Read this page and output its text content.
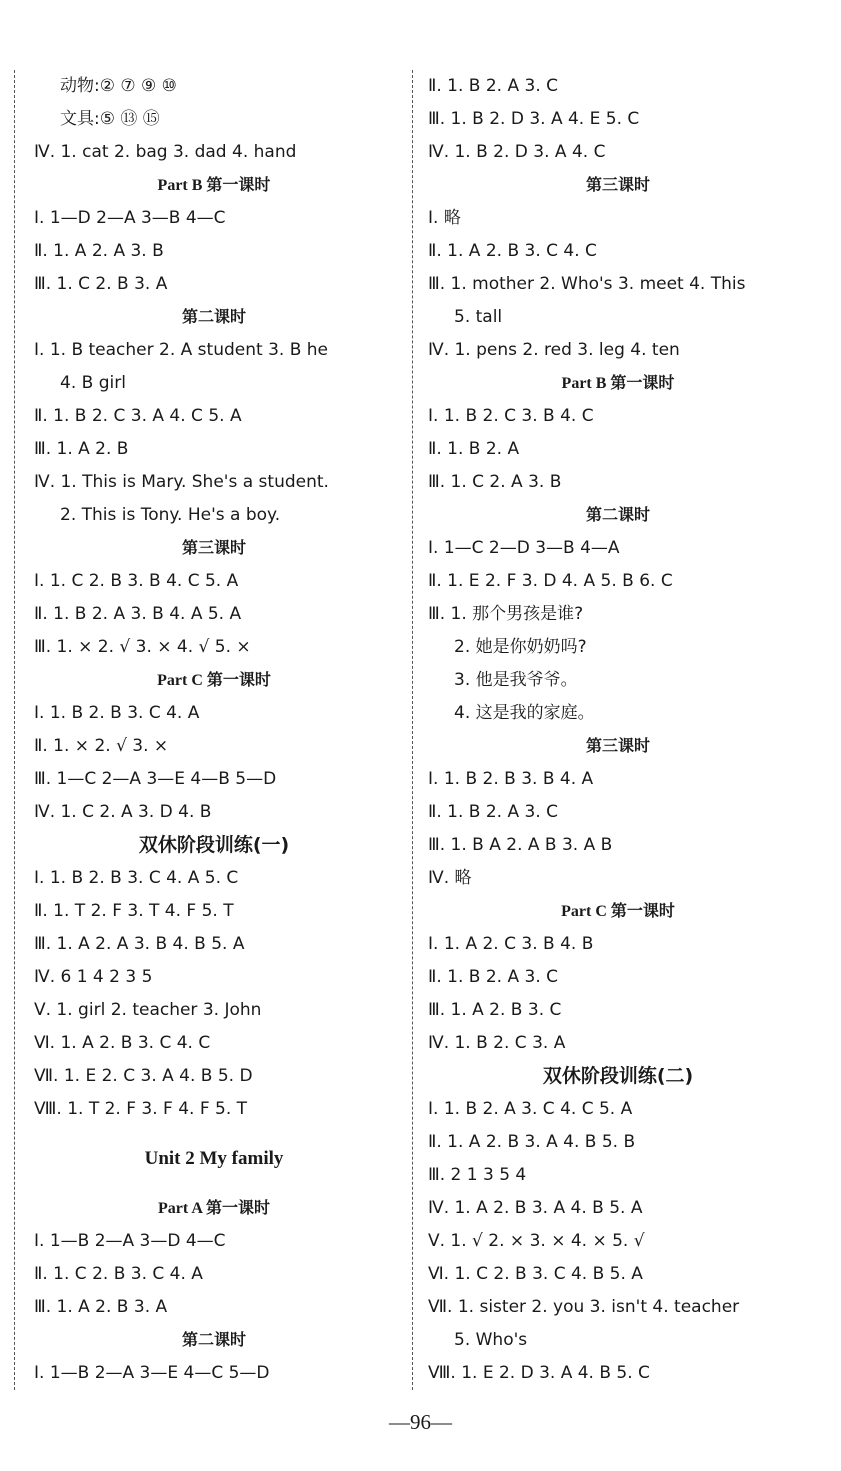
动物:② ⑦ ⑨ ⑩
文具:⑤ ⑬ ⑮
Ⅳ. 1. cat 2. bag 3. dad 4. hand
Part B 第一课时
Ⅰ. 1—D 2—A 3—B 4—C
Ⅱ. 1. A 2. A 3. B
Ⅲ. 1. C 2. B 3. A
第二课时
Ⅰ. 1. B teacher 2. A student 3. B he
4. B girl
Ⅱ. 1. B 2. C 3. A 4. C 5. A
Ⅲ. 1. A 2. B
Ⅳ. 1. This is Mary. She's a student.
2. This is Tony. He's a boy.
第三课时
Ⅰ. 1. C 2. B 3. B 4. C 5. A
Ⅱ. 1. B 2. A 3. B 4. A 5. A
Ⅲ. 1. × 2. √ 3. × 4. √ 5. ×
Part C 第一课时
Ⅰ. 1. B 2. B 3. C 4. A
Ⅱ. 1. × 2. √ 3. ×
Ⅲ. 1—C 2—A 3—E 4—B 5—D
Ⅳ. 1. C 2. A 3. D 4. B
双休阶段训练(一)
Ⅰ. 1. B 2. B 3. C 4. A 5. C
Ⅱ. 1. T 2. F 3. T 4. F 5. T
Ⅲ. 1. A 2. A 3. B 4. B 5. A
Ⅳ. 6 1 4 2 3 5
Ⅴ. 1. girl 2. teacher 3. John
Ⅵ. 1. A 2. B 3. C 4. C
Ⅶ. 1. E 2. C 3. A 4. B 5. D
Ⅷ. 1. T 2. F 3. F 4. F 5. T
Unit 2 My family
Part A 第一课时
Ⅰ. 1—B 2—A 3—D 4—C
Ⅱ. 1. C 2. B 3. C 4. A
Ⅲ. 1. A 2. B 3. A
第二课时
Ⅰ. 1—B 2—A 3—E 4—C 5—D
Ⅱ. 1. B 2. A 3. C
Ⅲ. 1. B 2. D 3. A 4. E 5. C
Ⅳ. 1. B 2. D 3. A 4. C
第三课时
Ⅰ. 略
Ⅱ. 1. A 2. B 3. C 4. C
Ⅲ. 1. mother 2. Who's 3. meet 4. This
5. tall
Ⅳ. 1. pens 2. red 3. leg 4. ten
Part B 第一课时
Ⅰ. 1. B 2. C 3. B 4. C
Ⅱ. 1. B 2. A
Ⅲ. 1. C 2. A 3. B
第二课时
Ⅰ. 1—C 2—D 3—B 4—A
Ⅱ. 1. E 2. F 3. D 4. A 5. B 6. C
Ⅲ. 1. 那个男孩是谁?
2. 她是你奶奶吗?
3. 他是我爷爷。
4. 这是我的家庭。
第三课时
Ⅰ. 1. B 2. B 3. B 4. A
Ⅱ. 1. B 2. A 3. C
Ⅲ. 1. B A 2. A B 3. A B
Ⅳ. 略
Part C 第一课时
Ⅰ. 1. A 2. C 3. B 4. B
Ⅱ. 1. B 2. A 3. C
Ⅲ. 1. A 2. B 3. C
Ⅳ. 1. B 2. C 3. A
双休阶段训练(二)
Ⅰ. 1. B 2. A 3. C 4. C 5. A
Ⅱ. 1. A 2. B 3. A 4. B 5. B
Ⅲ. 2 1 3 5 4
Ⅳ. 1. A 2. B 3. A 4. B 5. A
Ⅴ. 1. √ 2. × 3. × 4. × 5. √
Ⅵ. 1. C 2. B 3. C 4. B 5. A
Ⅶ. 1. sister 2. you 3. isn't 4. teacher
5. Who's
Ⅷ. 1. E 2. D 3. A 4. B 5. C
—96—
